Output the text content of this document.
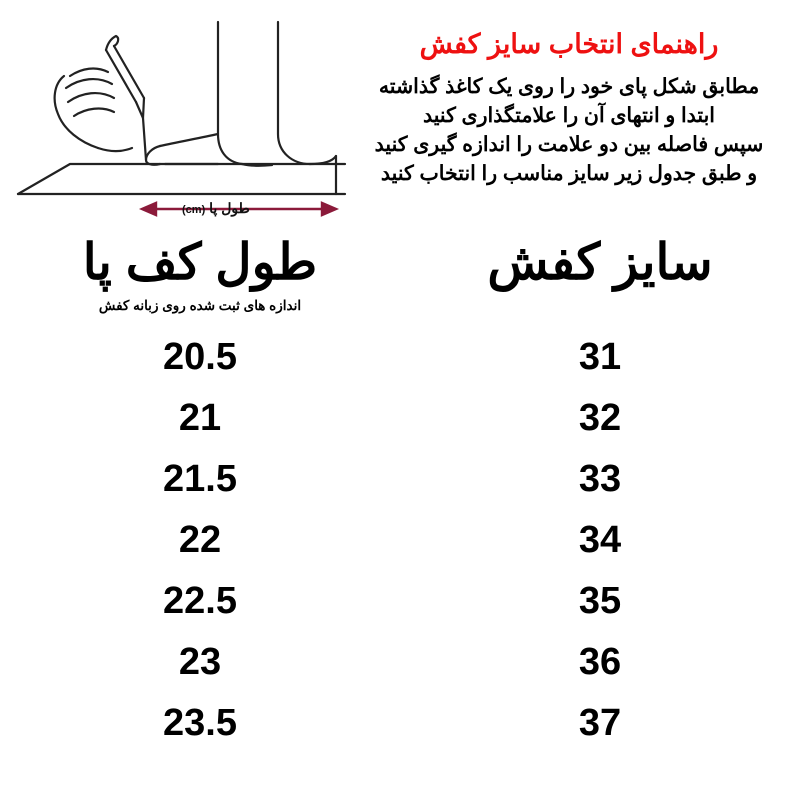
راهنمای انتخاب سایز کفش
مطابق شکل پای خود را روی یک کاغذ گذاشته
ابتدا و انتهای آن را علامتگذاری کنید
سپس فاصله بین دو علامت را اندازه گیری کنید
و طبق جدول زیر سایز مناسب را انتخاب کنید
طول پا (cm)
سایز کفش
طول کف پا
اندازه های ثبت شده روی زبانه کفش
31
20.5
32
21
33
21.5
34
22
35
22.5
36
23
37
23.5
